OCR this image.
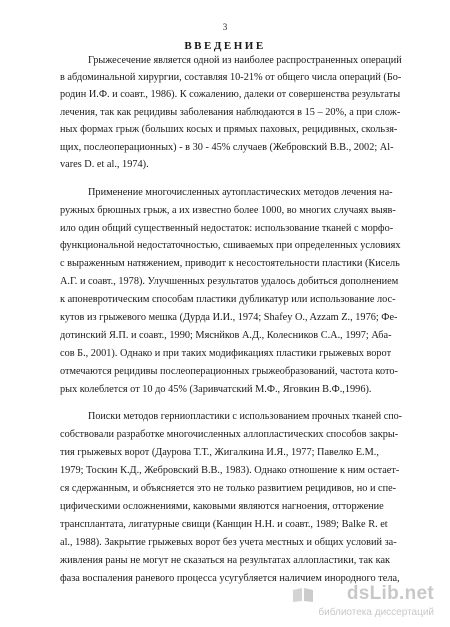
3
ВВЕДЕНИЕ
Грыжесечение является одной из наиболее распространенных операций
в абдоминальной хирургии, составляя 10-21% от общего числа операций (Бо-
родин И.Ф. и соавт., 1986). К сожалению, далеки от совершенства результаты
лечения, так как рецидивы заболевания наблюдаются в 15 – 20%, а при слож-
ных формах грыж (больших косых и прямых паховых, рецидивных, скользя-
щих, послеоперационных) - в 30 - 45% случаев (Жебровский В.В., 2002; Al-
vares D. et al., 1974).
Применение многочисленных аутопластических методов лечения на-
ружных брюшных грыж, а их известно более 1000, во многих случаях выяв-
ило один общий существенный недостаток: использование тканей с морфо-
функциональной недостаточностью, сшиваемых при определенных условиях
с выраженным натяжением, приводит к несостоятельности пластики (Кисель
А.Г. и соавт., 1978). Улучшенных результатов удалось добиться дополнением
к апоневротическим способам пластики дубликатур или использование лос-
кутов из грыжевого мешка (Дурда И.И., 1974; Shafey O., Azzam Z., 1976; Фе-
дотинский Я.П. и соавт., 1990; Мяснйков А.Д., Колесников С.А., 1997; Аба-
сов Б., 2001). Однако и при таких модификациях пластики грыжевых ворот
отмечаются рецидивы послеоперационных грыжеобразований, частота кото-
рых колеблется от 10 до 45% (Заривчатский М.Ф., Яговкин В.Ф.,1996).
Поиски методов герниопластики с использованием прочных тканей спо-
собствовали разработке многочисленных аллопластических способов закры-
тия грыжевых ворот (Даурова Т.Т., Жигалкина И.Я., 1977; Павелко Е.М.,
1979; Тоскин К.Д., Жебровский В.В., 1983). Однако отношение к ним остает-
ся сдержанным, и объясняется это не только развитием рецидивов, но и спе-
цифическими осложнениями, каковыми являются нагноения, отторжение
трансплантата, лигатурные свищи (Канщин Н.Н. и соавт., 1989; Balke R. et
al., 1988). Закрытие грыжевых ворот без учета местных и общих условий за-
живления раны не могут не сказаться на результатах аллопластики, так как
фаза воспаления раневого процесса усугубляется наличием инородного тела,
dsLib.net
библиотека диссертаций
